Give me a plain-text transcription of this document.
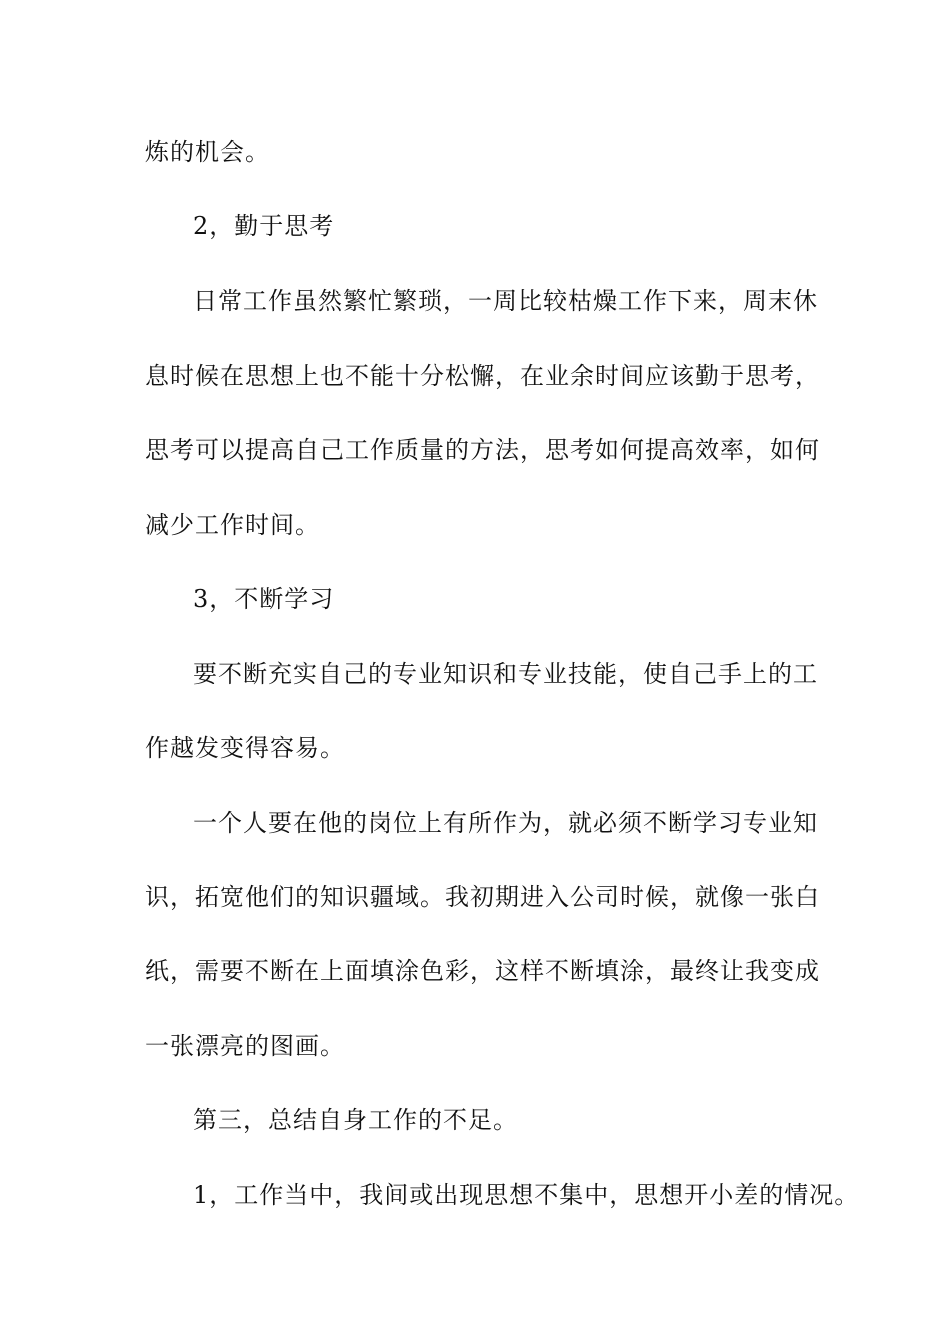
炼的机会。
2，勤于思考
日常工作虽然繁忙繁琐，一周比较枯燥工作下来，周末休
息时候在思想上也不能十分松懈，在业余时间应该勤于思考，
思考可以提高自己工作质量的方法，思考如何提高效率，如何
减少工作时间。
3，不断学习
要不断充实自己的专业知识和专业技能，使自己手上的工
作越发变得容易。
一个人要在他的岗位上有所作为，就必须不断学习专业知
识，拓宽他们的知识疆域。我初期进入公司时候，就像一张白
纸，需要不断在上面填涂色彩，这样不断填涂，最终让我变成
一张漂亮的图画。
第三，总结自身工作的不足。
1，工作当中，我间或出现思想不集中，思想开小差的情况。
